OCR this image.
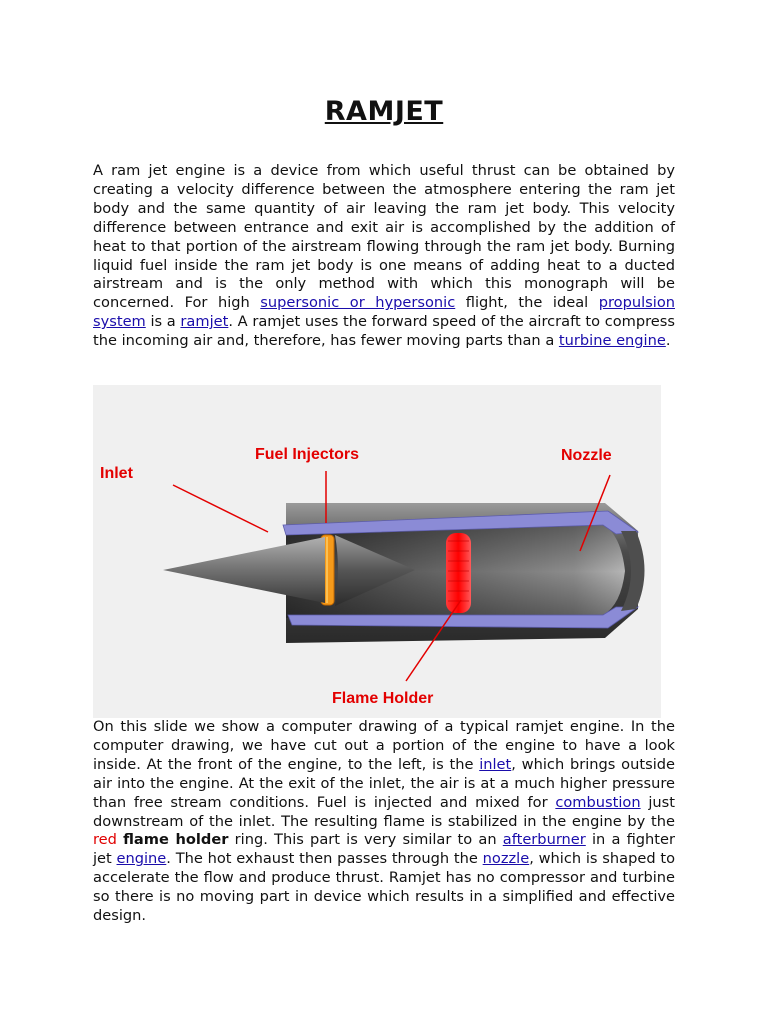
RAMJET

A ram jet engine is a device from which useful thrust can be obtained by creating a velocity difference between the atmosphere entering the ram jet body and the same quantity of air leaving the ram jet body. This velocity difference between entrance and exit air is accomplished by the addition of heat to that portion of the airstream flowing through the ram jet body. Burning liquid fuel inside the ram jet body is one means of adding heat to a ducted airstream and is the only method with which this monograph will be concerned. For high supersonic or hypersonic flight, the ideal propulsion system is a ramjet. A ramjet uses the forward speed of the aircraft to compress the incoming air and, therefore, has fewer moving parts than a turbine engine.

Inlet
Fuel Injectors	Nozzle
Flame Holder

On this slide we show a computer drawing of a typical ramjet engine. In the computer drawing, we have cut out a portion of the engine to have a look inside. At the front of the engine, to the left, is the inlet, which brings outside air into the engine. At the exit of the inlet, the air is at a much higher pressure than free stream conditions. Fuel is injected and mixed for combustion just downstream of the inlet. The resulting flame is stabilized in the engine by the red flame holder ring. This part is very similar to an afterburner in a fighter jet engine. The hot exhaust then passes through the nozzle, which is shaped to accelerate the flow and produce thrust. Ramjet has no compressor and turbine so there is no moving part in device which results in a simplified and effective design.
